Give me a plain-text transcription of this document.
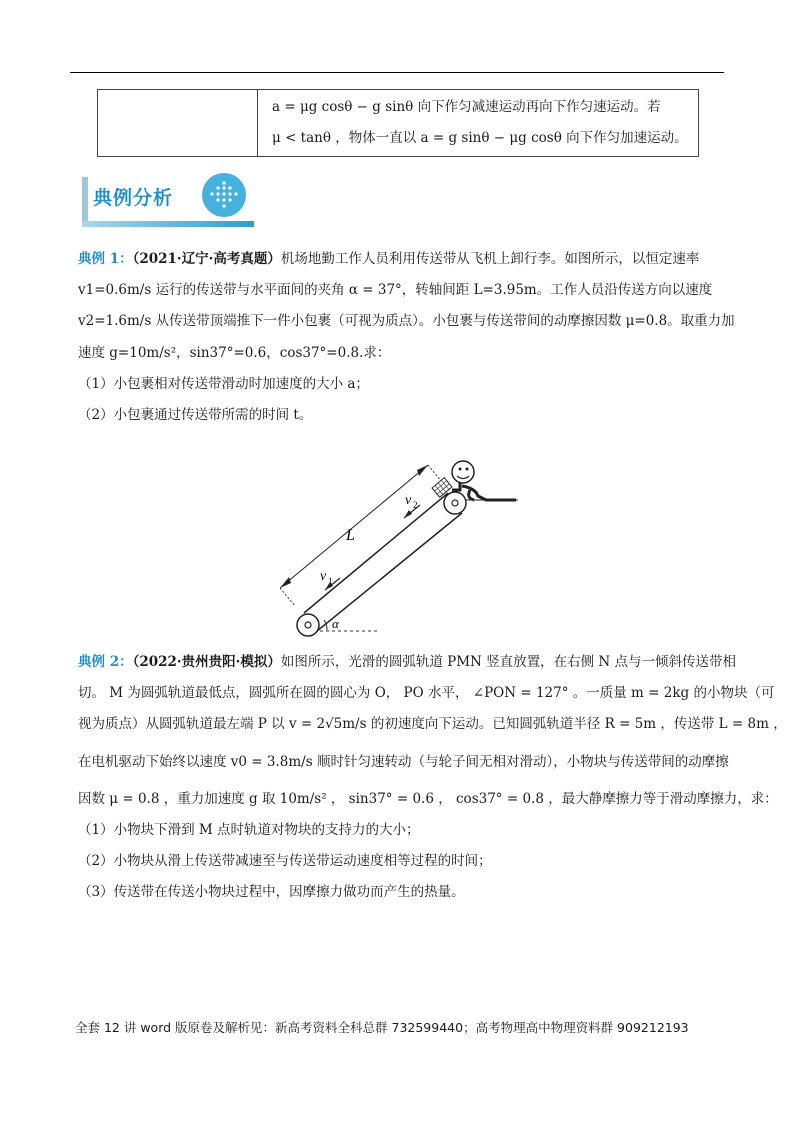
a = μg cosθ − g sinθ 向下作匀减速运动再向下作匀速运动。若
μ < tanθ ，物体一直以 a = g sinθ − μg cosθ 向下作匀加速运动。
典例分析
典例 1：（2021·辽宁·高考真题）机场地勤工作人员利用传送带从飞机上卸行李。如图所示，以恒定速率
v1=0.6m/s 运行的传送带与水平面间的夹角 α = 37°，转轴间距 L=3.95m。工作人员沿传送方向以速度
v2=1.6m/s 从传送带顶端推下一件小包裹（可视为质点）。小包裹与传送带间的动摩擦因数 μ=0.8。取重力加
速度 g=10m/s²，sin37°=0.6，cos37°=0.8.求：
（1）小包裹相对传送带滑动时加速度的大小 a；
（2）小包裹通过传送带所需的时间 t。
L
v 1
v 2
α
典例 2：（2022·贵州贵阳·模拟）如图所示，光滑的圆弧轨道 PMN 竖直放置，在右侧 N 点与一倾斜传送带相
切。 M 为圆弧轨道最低点，圆弧所在圆的圆心为 O， PO 水平， ∠PON = 127° 。一质量 m = 2kg 的小物块（可
视为质点）从圆弧轨道最左端 P 以 v = 2√5m/s 的初速度向下运动。已知圆弧轨道半径 R = 5m ，传送带 L = 8m ，
在电机驱动下始终以速度 v0 = 3.8m/s 顺时针匀速转动（与轮子间无相对滑动），小物块与传送带间的动摩擦
因数 μ = 0.8 ，重力加速度 g 取 10m/s² ， sin37° = 0.6 ， cos37° = 0.8 ，最大静摩擦力等于滑动摩擦力，求：
（1）小物块下滑到 M 点时轨道对物块的支持力的大小；
（2）小物块从滑上传送带减速至与传送带运动速度相等过程的时间；
（3）传送带在传送小物块过程中，因摩擦力做功而产生的热量。
全套 12 讲 word 版原卷及解析见：新高考资料全科总群 732599440；高考物理高中物理资料群 909212193
